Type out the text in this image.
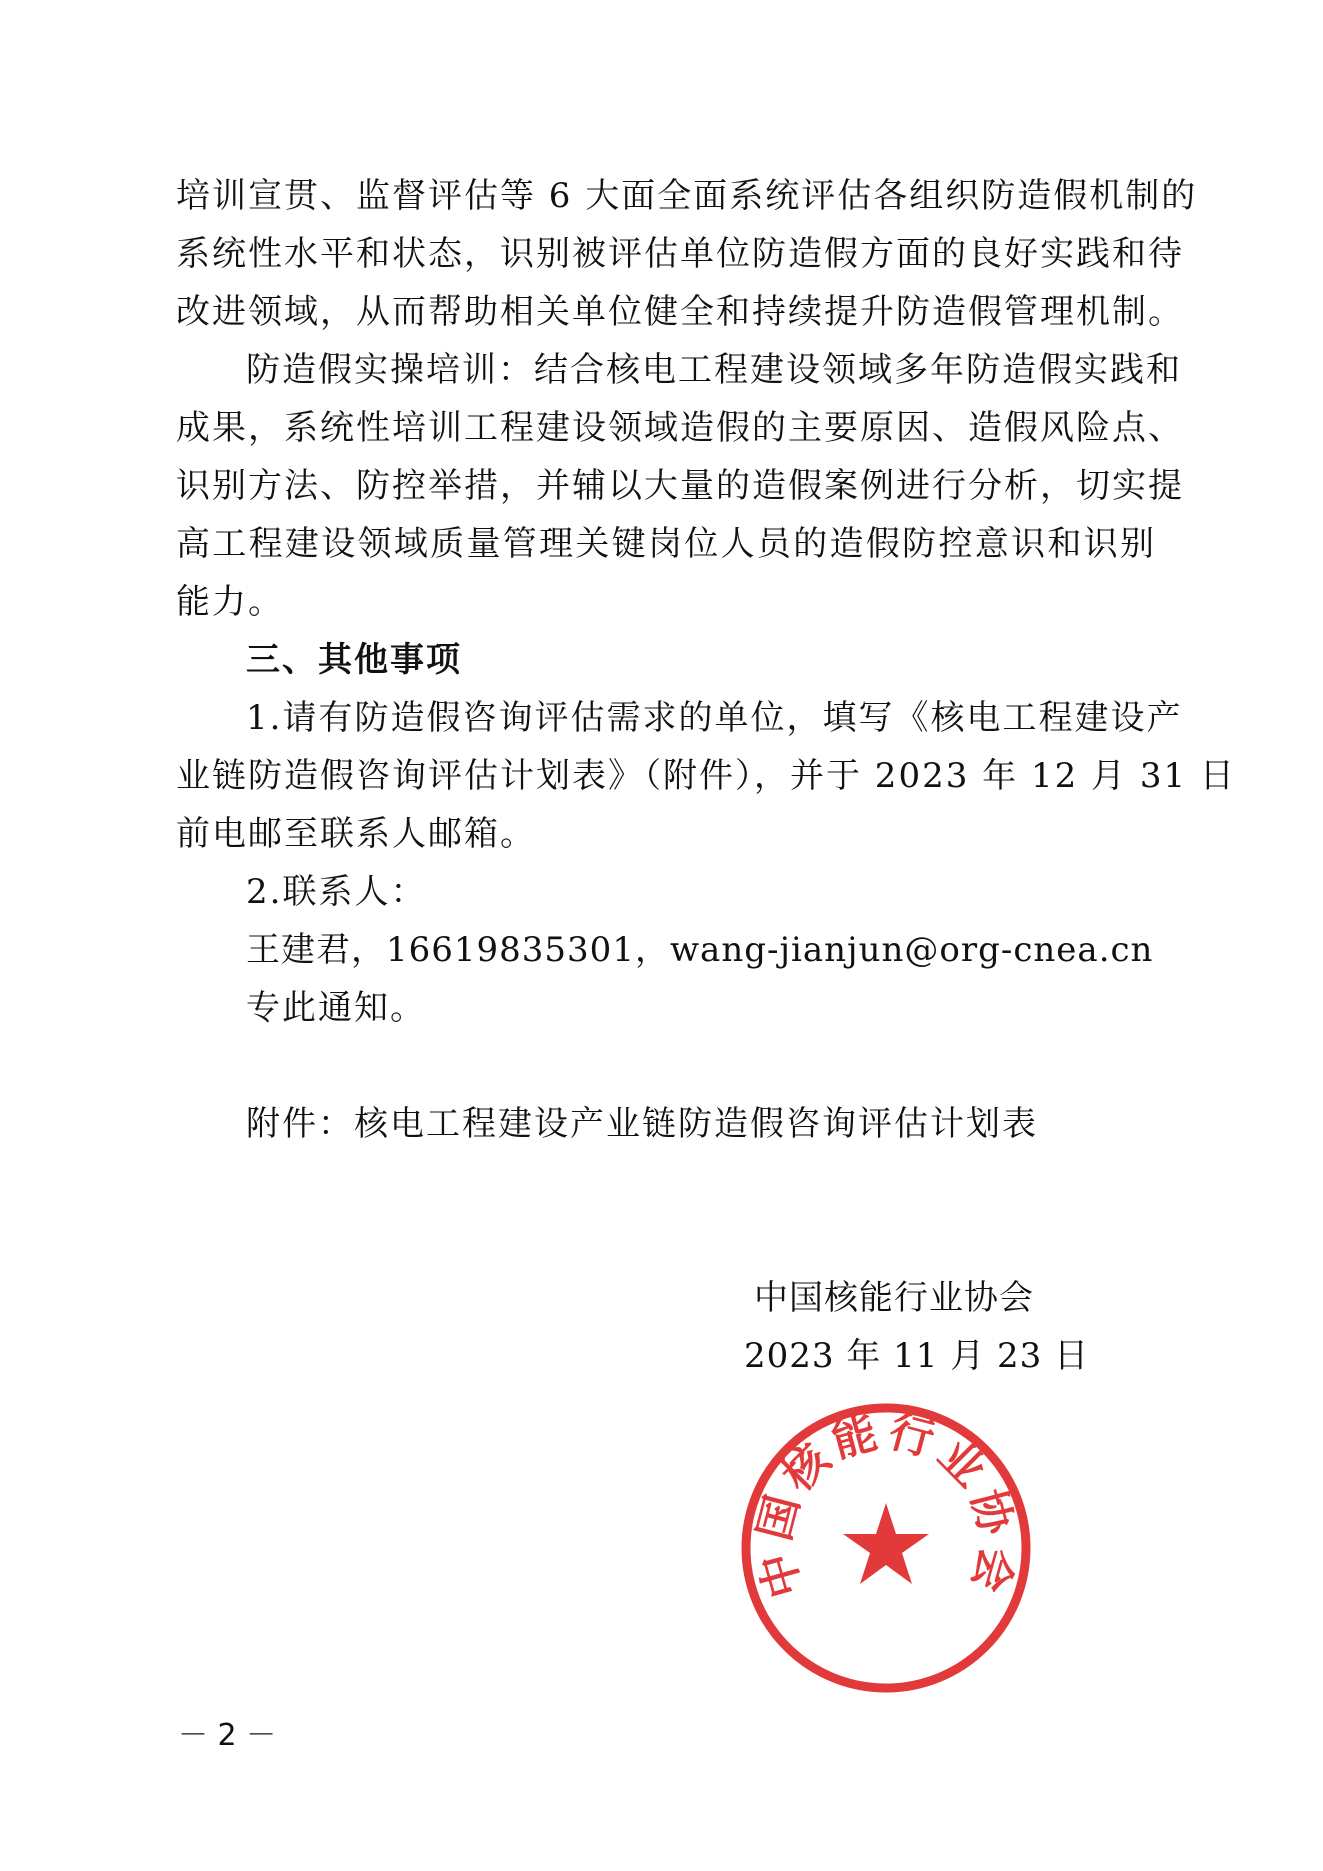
培训宣贯、监督评估等 6 大面全面系统评估各组织防造假机制的
系统性水平和状态，识别被评估单位防造假方面的良好实践和待
改进领域，从而帮助相关单位健全和持续提升防造假管理机制。
防造假实操培训：结合核电工程建设领域多年防造假实践和
成果，系统性培训工程建设领域造假的主要原因、造假风险点、
识别方法、防控举措，并辅以大量的造假案例进行分析，切实提
高工程建设领域质量管理关键岗位人员的造假防控意识和识别
能力。
三、其他事项
1.请有防造假咨询评估需求的单位，填写《核电工程建设产
业链防造假咨询评估计划表》（附件），并于 2023 年 12 月 31 日
前电邮至联系人邮箱。
2.联系人：
王建君，16619835301，wang-jianjun@org-cnea.cn
专此通知。
附件：核电工程建设产业链防造假咨询评估计划表
中国核能行业协会
中国核能行业协会
2023 年 11 月 23 日
－ 2 －
